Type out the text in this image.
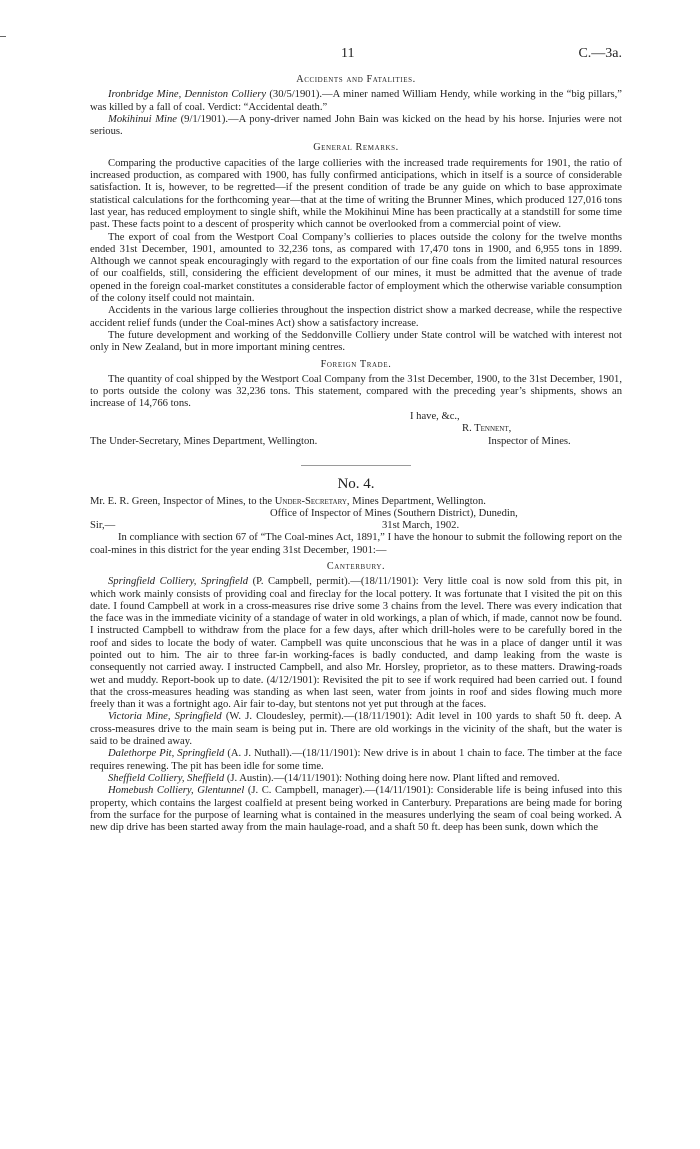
11	C.—3a.
Accidents and Fatalities.

Ironbridge Mine, Denniston Colliery (30/5/1901).—A miner named William Hendy, while working in the “big pillars,” was killed by a fall of coal. Verdict: “Accidental death.”

Mokihinui Mine (9/1/1901).—A pony-driver named John Bain was kicked on the head by his horse. Injuries were not serious.

General Remarks.

Comparing the productive capacities of the large collieries with the increased trade requirements for 1901, the ratio of increased production, as compared with 1900, has fully confirmed anticipations, which in itself is a source of considerable satisfaction. It is, however, to be regretted—if the present condition of trade be any guide on which to base approximate statistical calculations for the forthcoming year—that at the time of writing the Brunner Mines, which produced 127,016 tons last year, has reduced employment to single shift, while the Mokihinui Mine has been practically at a standstill for some time past. These facts point to a descent of prosperity which cannot be overlooked from a commercial point of view.

The export of coal from the Westport Coal Company’s collieries to places outside the colony for the twelve months ended 31st December, 1901, amounted to 32,236 tons, as compared with 17,470 tons in 1900, and 6,955 tons in 1899. Although we cannot speak encouragingly with regard to the exportation of our fine coals from the limited natural resources of our coalfields, still, considering the efficient development of our mines, it must be admitted that the avenue of trade opened in the foreign coal-market constitutes a considerable factor of employment which the otherwise variable consumption of the colony itself could not maintain.

Accidents in the various large collieries throughout the inspection district show a marked decrease, while the respective accident relief funds (under the Coal-mines Act) show a satisfactory increase.

The future development and working of the Seddonville Colliery under State control will be watched with interest not only in New Zealand, but in more important mining centres.

Foreign Trade.

The quantity of coal shipped by the Westport Coal Company from the 31st December, 1900, to the 31st December, 1901, to ports outside the colony was 32,236 tons. This statement, compared with the preceding year’s shipments, shows an increase of 14,766 tons.

I have, &c.,
R. Tennent,
The Under-Secretary, Mines Department, Wellington.	Inspector of Mines.
No. 4.

Mr. E. R. Green, Inspector of Mines, to the Under-Secretary, Mines Department, Wellington.

Office of Inspector of Mines (Southern District), Dunedin,
Sir,—	31st March, 1902.

In compliance with section 67 of “The Coal-mines Act, 1891,” I have the honour to submit the following report on the coal-mines in this district for the year ending 31st December, 1901:—

Canterbury.

Springfield Colliery, Springfield (P. Campbell, permit).—(18/11/1901): Very little coal is now sold from this pit, in which work mainly consists of providing coal and fireclay for the local pottery. It was fortunate that I visited the pit on this date. I found Campbell at work in a cross-measures rise drive some 3 chains from the level. There was every indication that the face was in the immediate vicinity of a standage of water in old workings, a plan of which, if made, cannot now be found. I instructed Campbell to withdraw from the place for a few days, after which drill-holes were to be carefully bored in the roof and sides to locate the body of water. Campbell was quite unconscious that he was in a place of danger until it was pointed out to him. The air to three far-in working-faces is badly conducted, and damp leaking from the waste is consequently not carried away. I instructed Campbell, and also Mr. Horsley, proprietor, as to these matters. Drawing-roads wet and muddy. Report-book up to date. (4/12/1901): Revisited the pit to see if work required had been carried out. I found that the cross-measures heading was standing as when last seen, water from joints in roof and sides flowing much more freely than it was a fortnight ago. Air fair to-day, but stentons not yet put through at the faces.

Victoria Mine, Springfield (W. J. Cloudesley, permit).—(18/11/1901): Adit level in 100 yards to shaft 50 ft. deep. A cross-measures drive to the main seam is being put in. There are old workings in the vicinity of the shaft, but the water is said to be drained away.

Dalethorpe Pit, Springfield (A. J. Nuthall).—(18/11/1901): New drive is in about 1 chain to face. The timber at the face requires renewing. The pit has been idle for some time.

Sheffield Colliery, Sheffield (J. Austin).—(14/11/1901): Nothing doing here now. Plant lifted and removed.

Homebush Colliery, Glentunnel (J. C. Campbell, manager).—(14/11/1901): Considerable life is being infused into this property, which contains the largest coalfield at present being worked in Canterbury. Preparations are being made for boring from the surface for the purpose of learning what is contained in the measures underlying the seam of coal being worked. A new dip drive has been started away from the main haulage-road, and a shaft 50 ft. deep has been sunk, down which the
